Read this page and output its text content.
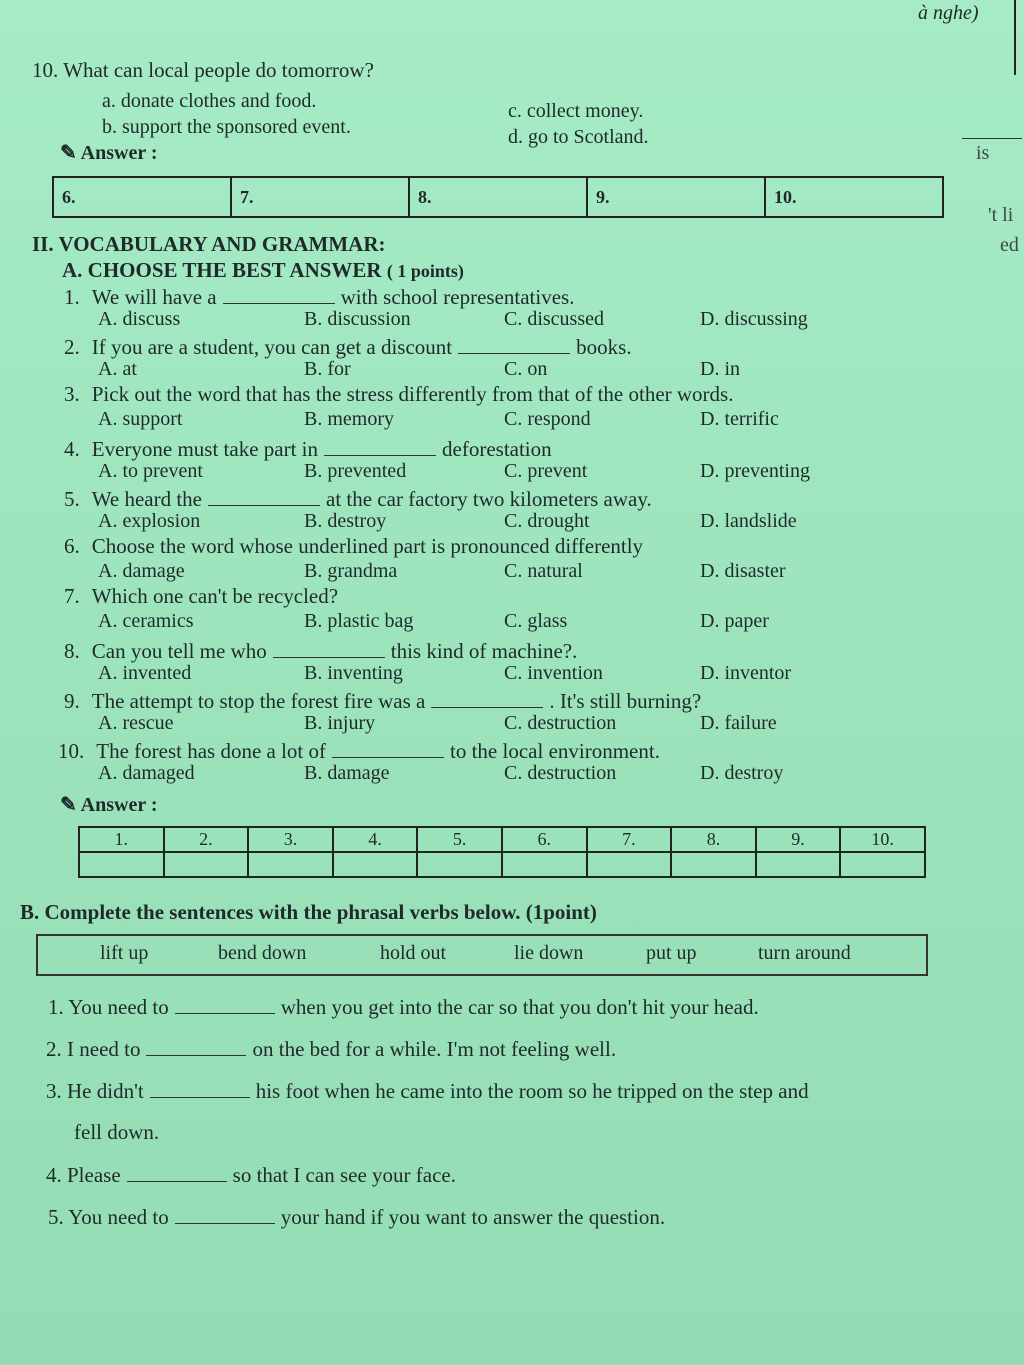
à nghe)
is
't li
ed
10. What can local people do tomorrow?
a. donate clothes and food.
b. support the sponsored event.
c. collect money.
d. go to Scotland.
✎ Answer :
6.	7.	8.	9.	10.
II. VOCABULARY AND GRAMMAR:
A. CHOOSE THE BEST ANSWER ( 1 points)
1. We will have a	with school representatives.
A. discuss	B. discussion	C. discussed	D. discussing
2. If you are a student, you can get a discount	books.
A. at	B. for	C. on	D. in
3. Pick out the word that has the stress differently from that of the other words.
A. support	B. memory	C. respond	D. terrific
4. Everyone must take part in	deforestation
A. to prevent	B. prevented	C. prevent	D. preventing
5. We heard the	at the car factory two kilometers away.
A. explosion	B. destroy	C. drought	D. landslide
6. Choose the word whose underlined part is pronounced differently
A. damage	B. grandma	C. natural	D. disaster
7. Which one can't be recycled?
A. ceramics	B. plastic bag	C. glass	D. paper
8. Can you tell me who	this kind of machine?.
A. invented	B. inventing	C. invention	D. inventor
9. The attempt to stop the forest fire was a	. It's still burning?
A. rescue	B. injury	C. destruction	D. failure
10. The forest has done a lot of	to the local environment.
A. damaged	B. damage	C. destruction	D. destroy
✎ Answer :
1.	2.	3.	4.	5.	6.	7.	8.	9.	10.

B. Complete the sentences with the phrasal verbs below. (1point)
lift up	bend down	hold out	lie down	put up	turn around
1. You need to	when you get into the car so that you don't hit your head.
2. I need to	on the bed for a while. I'm not feeling well.
3. He didn't	his foot when he came into the room so he tripped on the step and
fell down.
4. Please	so that I can see your face.
5. You need to	your hand if you want to answer the question.
